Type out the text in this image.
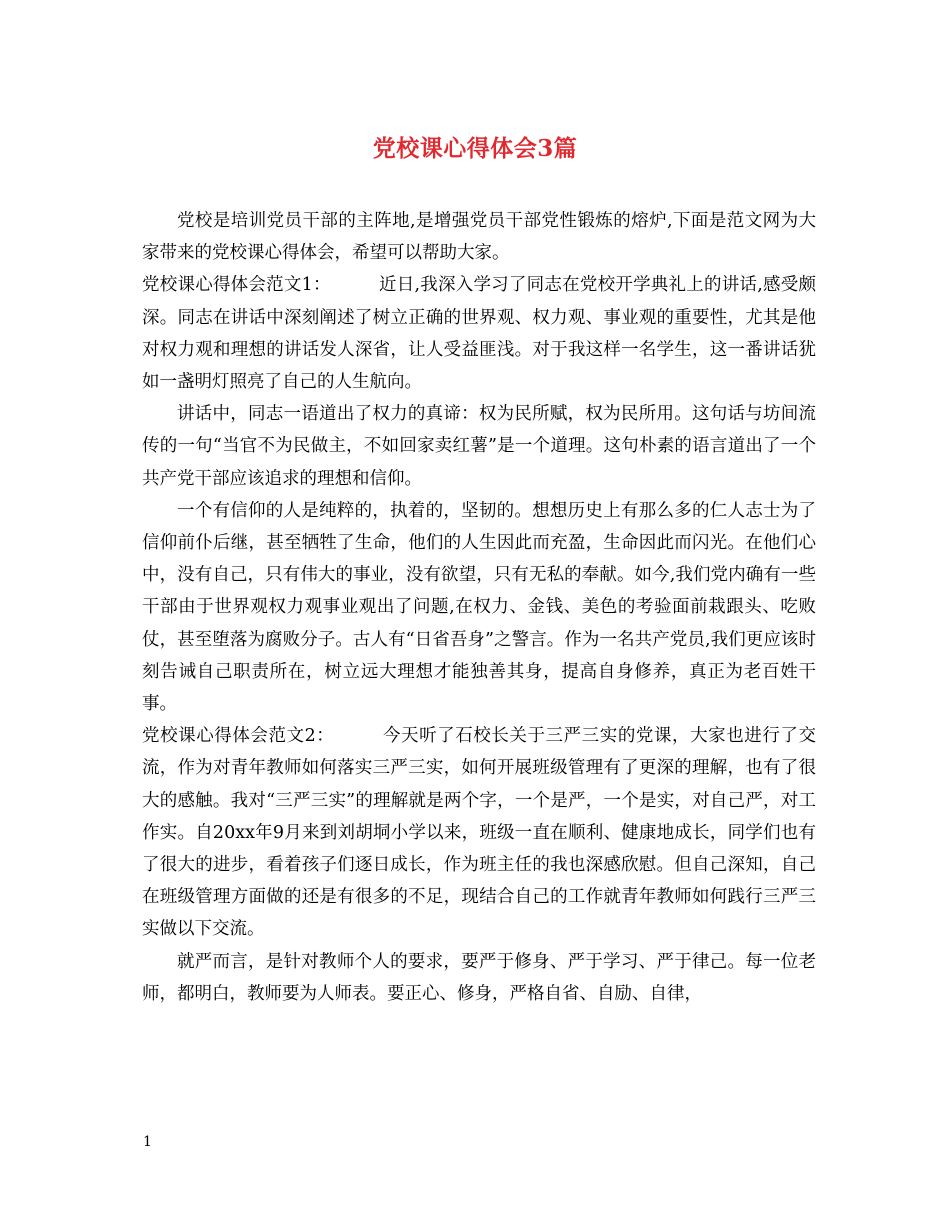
党校课心得体会3篇

党校是培训党员干部的主阵地,是增强党员干部党性锻炼的熔炉,下面是范文网为大家带来的党校课心得体会，希望可以帮助大家。

党校课心得体会范文1：	近日,我深入学习了同志在党校开学典礼上的讲话,感受颇深。同志在讲话中深刻阐述了树立正确的世界观、权力观、事业观的重要性，尤其是他对权力观和理想的讲话发人深省，让人受益匪浅。对于我这样一名学生，这一番讲话犹如一盏明灯照亮了自己的人生航向。

讲话中，同志一语道出了权力的真谛：权为民所赋，权为民所用。这句话与坊间流传的一句“当官不为民做主，不如回家卖红薯”是一个道理。这句朴素的语言道出了一个共产党干部应该追求的理想和信仰。

一个有信仰的人是纯粹的，执着的，坚韧的。想想历史上有那么多的仁人志士为了信仰前仆后继，甚至牺牲了生命，他们的人生因此而充盈，生命因此而闪光。在他们心中，没有自己，只有伟大的事业，没有欲望，只有无私的奉献。如今,我们党内确有一些干部由于世界观权力观事业观出了问题,在权力、金钱、美色的考验面前栽跟头、吃败仗，甚至堕落为腐败分子。古人有“日省吾身”之警言。作为一名共产党员,我们更应该时刻告诫自己职责所在，树立远大理想才能独善其身，提高自身修养，真正为老百姓干事。

党校课心得体会范文2：	今天听了石校长关于三严三实的党课，大家也进行了交流，作为对青年教师如何落实三严三实，如何开展班级管理有了更深的理解，也有了很大的感触。我对“三严三实”的理解就是两个字，一个是严，一个是实，对自己严，对工作实。自20xx年9月来到刘胡垌小学以来，班级一直在顺利、健康地成长，同学们也有了很大的进步，看着孩子们逐日成长，作为班主任的我也深感欣慰。但自己深知，自己在班级管理方面做的还是有很多的不足，现结合自己的工作就青年教师如何践行三严三实做以下交流。

就严而言，是针对教师个人的要求，要严于修身、严于学习、严于律己。每一位老师，都明白，教师要为人师表。要正心、修身，严格自省、自励、自律，

1
